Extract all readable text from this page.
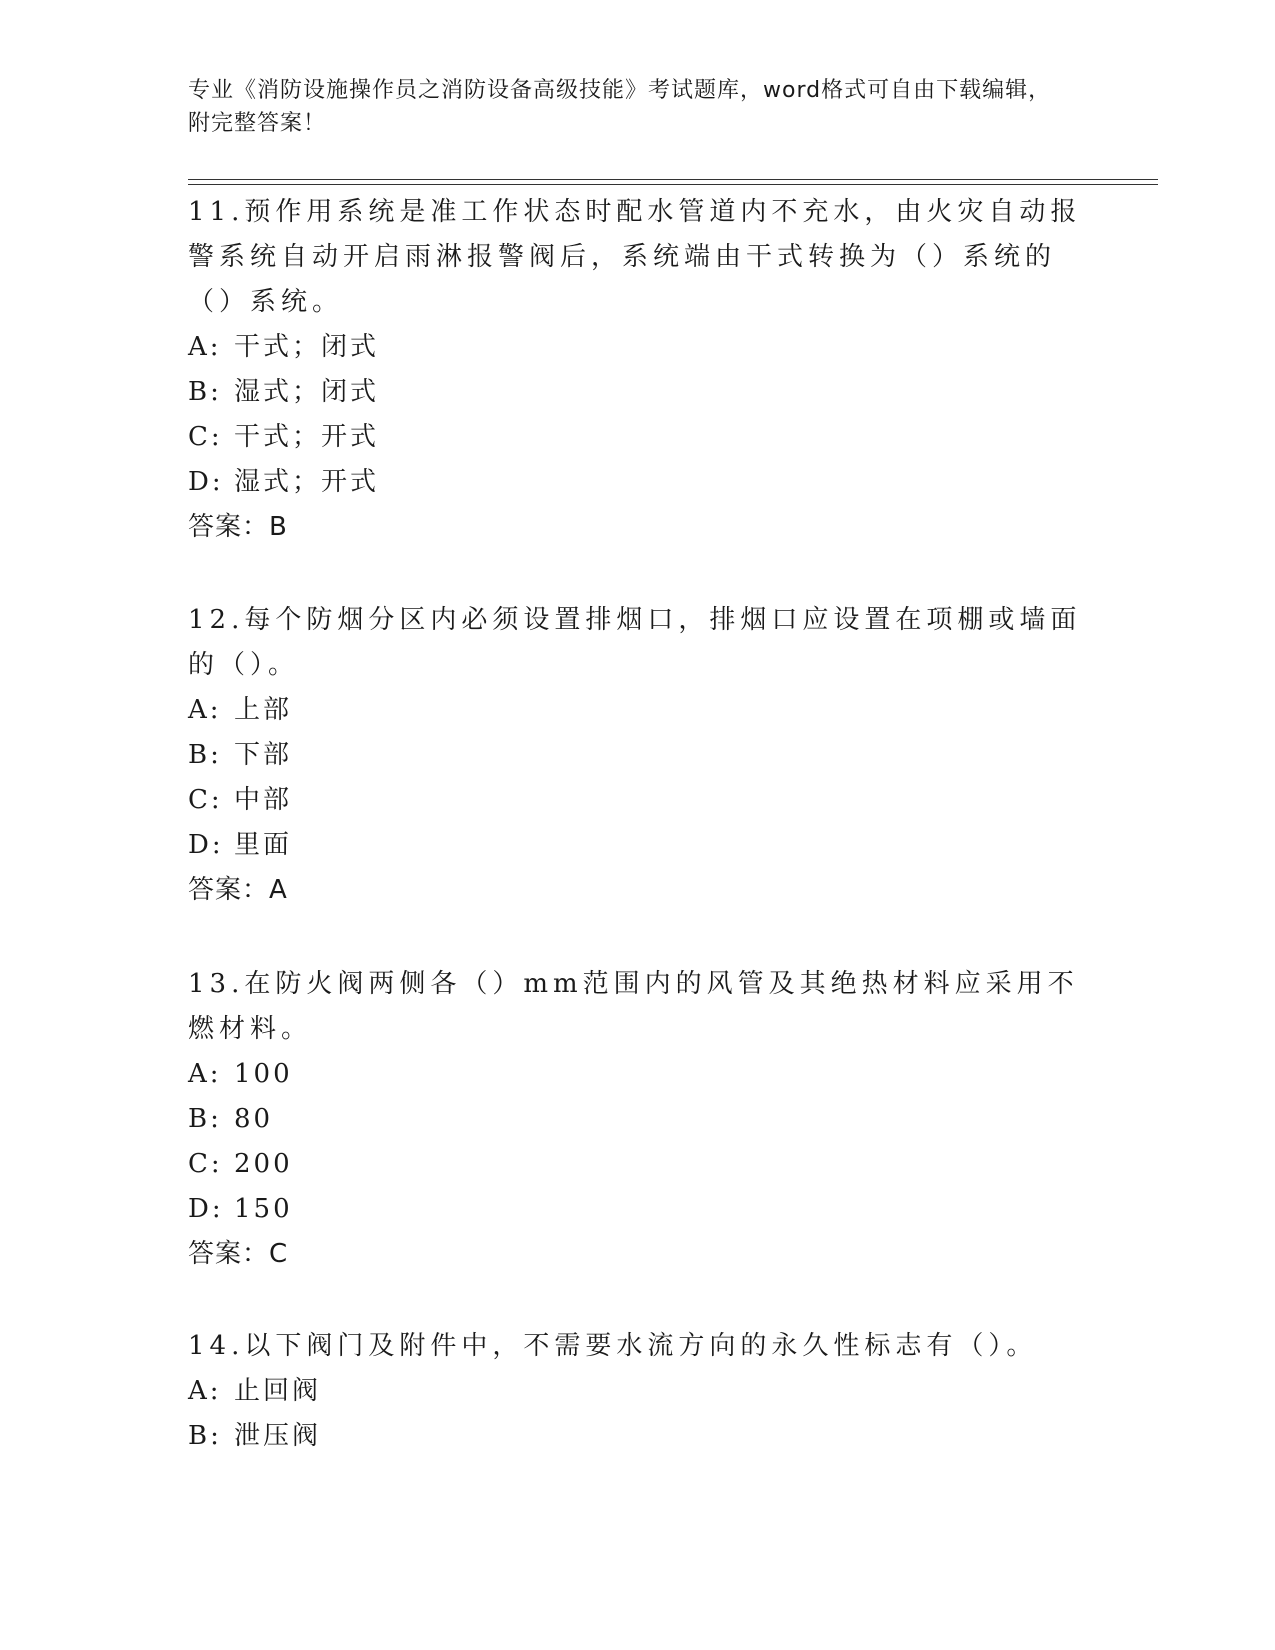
专业《消防设施操作员之消防设备高级技能》考试题库，word格式可自由下载编辑，附完整答案！

11.预作用系统是准工作状态时配水管道内不充水，由火灾自动报警系统自动开启雨淋报警阀后，系统端由干式转换为（）系统的（）系统。

A: 干式；闭式

B: 湿式；闭式

C: 干式；开式

D: 湿式；开式

答案：B

12.每个防烟分区内必须设置排烟口，排烟口应设置在项棚或墙面的（）。

A: 上部

B: 下部

C: 中部

D: 里面

答案：A

13.在防火阀两侧各（）mm范围内的风管及其绝热材料应采用不燃材料。

A: 100

B: 80

C: 200

D: 150

答案：C

14.以下阀门及附件中，不需要水流方向的永久性标志有（）。

A: 止回阀

B: 泄压阀
